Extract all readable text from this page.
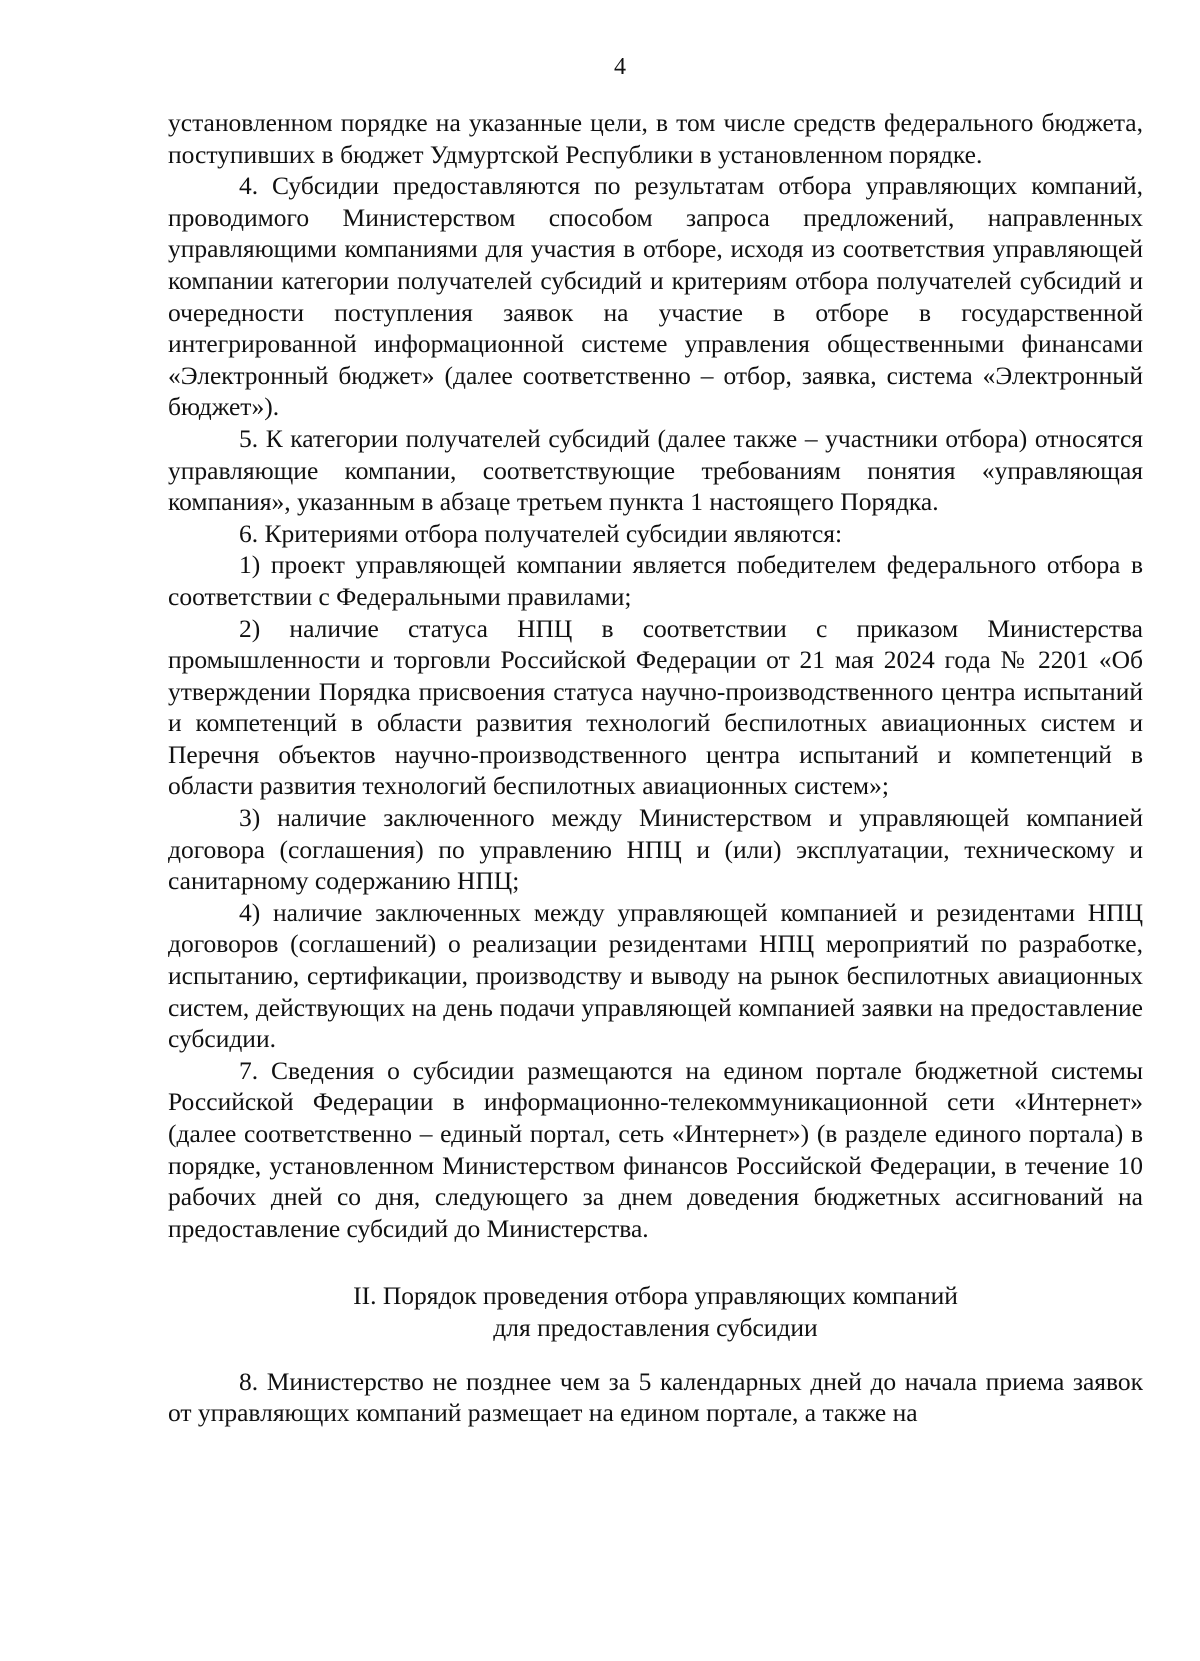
4

установленном порядке на указанные цели, в том числе средств федерального бюджета, поступивших в бюджет Удмуртской Республики в установленном порядке.

4. Субсидии предоставляются по результатам отбора управляющих компаний, проводимого Министерством способом запроса предложений, направленных управляющими компаниями для участия в отборе, исходя из соответствия управляющей компании категории получателей субсидий и критериям отбора получателей субсидий и очередности поступления заявок на участие в отборе в государственной интегрированной информационной системе управления общественными финансами «Электронный бюджет» (далее соответственно – отбор, заявка, система «Электронный бюджет»).

5. К категории получателей субсидий (далее также – участники отбора) относятся управляющие компании, соответствующие требованиям понятия «управляющая компания», указанным в абзаце третьем пункта 1 настоящего Порядка.

6. Критериями отбора получателей субсидии являются:

1) проект управляющей компании является победителем федерального отбора в соответствии с Федеральными правилами;

2) наличие статуса НПЦ в соответствии с приказом Министерства промышленности и торговли Российской Федерации от 21 мая 2024 года № 2201 «Об утверждении Порядка присвоения статуса научно-производственного центра испытаний и компетенций в области развития технологий беспилотных авиационных систем и Перечня объектов научно-производственного центра испытаний и компетенций в области развития технологий беспилотных авиационных систем»;

3) наличие заключенного между Министерством и управляющей компанией договора (соглашения) по управлению НПЦ и (или) эксплуатации, техническому и санитарному содержанию НПЦ;

4) наличие заключенных между управляющей компанией и резидентами НПЦ договоров (соглашений) о реализации резидентами НПЦ мероприятий по разработке, испытанию, сертификации, производству и выводу на рынок беспилотных авиационных систем, действующих на день подачи управляющей компанией заявки на предоставление субсидии.

7. Сведения о субсидии размещаются на едином портале бюджетной системы Российской Федерации в информационно-телекоммуникационной сети «Интернет» (далее соответственно – единый портал, сеть «Интернет») (в разделе единого портала) в порядке, установленном Министерством финансов Российской Федерации, в течение 10 рабочих дней со дня, следующего за днем доведения бюджетных ассигнований на предоставление субсидий до Министерства.

II. Порядок проведения отбора управляющих компаний
для предоставления субсидии

8. Министерство не позднее чем за 5 календарных дней до начала приема заявок от управляющих компаний размещает на едином портале, а также на
